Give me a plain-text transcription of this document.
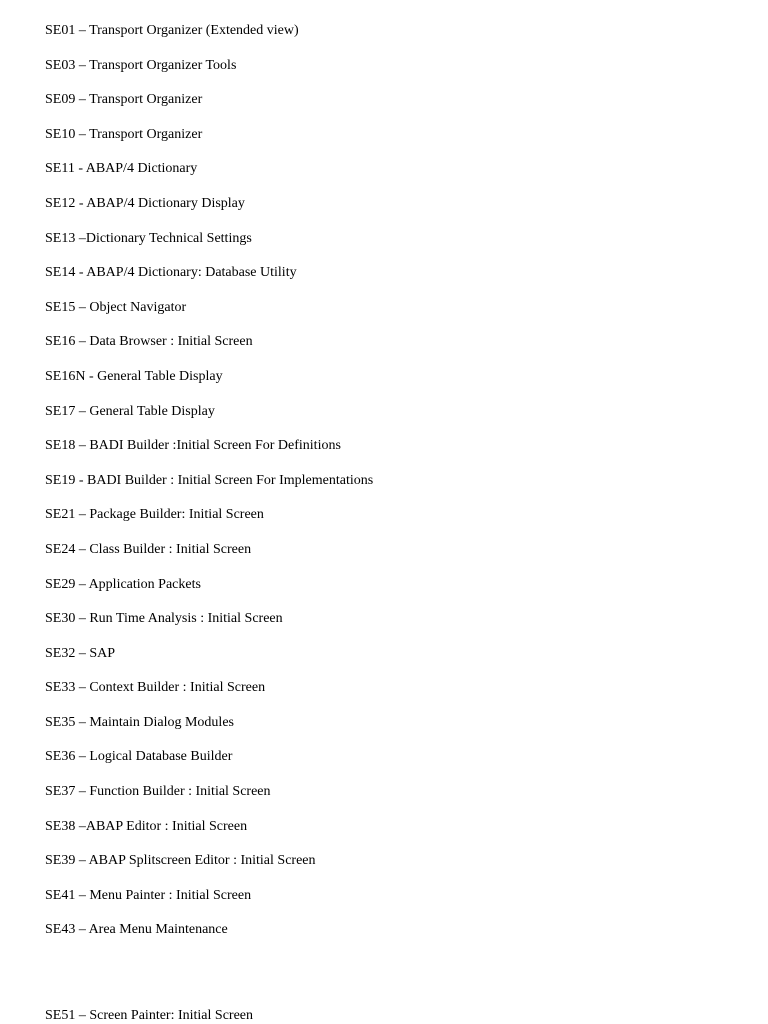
SE01 – Transport Organizer (Extended view)
SE03 – Transport Organizer Tools
SE09 – Transport Organizer
SE10 – Transport Organizer
SE11 - ABAP/4 Dictionary
SE12 - ABAP/4 Dictionary Display
SE13 –Dictionary Technical Settings
SE14 - ABAP/4 Dictionary: Database Utility
SE15 – Object Navigator
SE16 – Data Browser : Initial Screen
SE16N - General Table Display
SE17 – General Table Display
SE18 – BADI Builder :Initial Screen For Definitions
SE19 - BADI Builder : Initial Screen For Implementations
SE21 – Package Builder: Initial Screen
SE24 – Class Builder : Initial Screen
SE29 – Application Packets
SE30 – Run Time Analysis : Initial Screen
SE32 – SAP
SE33 – Context Builder : Initial Screen
SE35 – Maintain Dialog Modules
SE36 – Logical Database Builder
SE37 – Function Builder : Initial Screen
SE38 –ABAP Editor : Initial Screen
SE39 – ABAP Splitscreen Editor : Initial Screen
SE41 – Menu Painter : Initial Screen
SE43 – Area Menu Maintenance
SE51 – Screen Painter: Initial Screen
